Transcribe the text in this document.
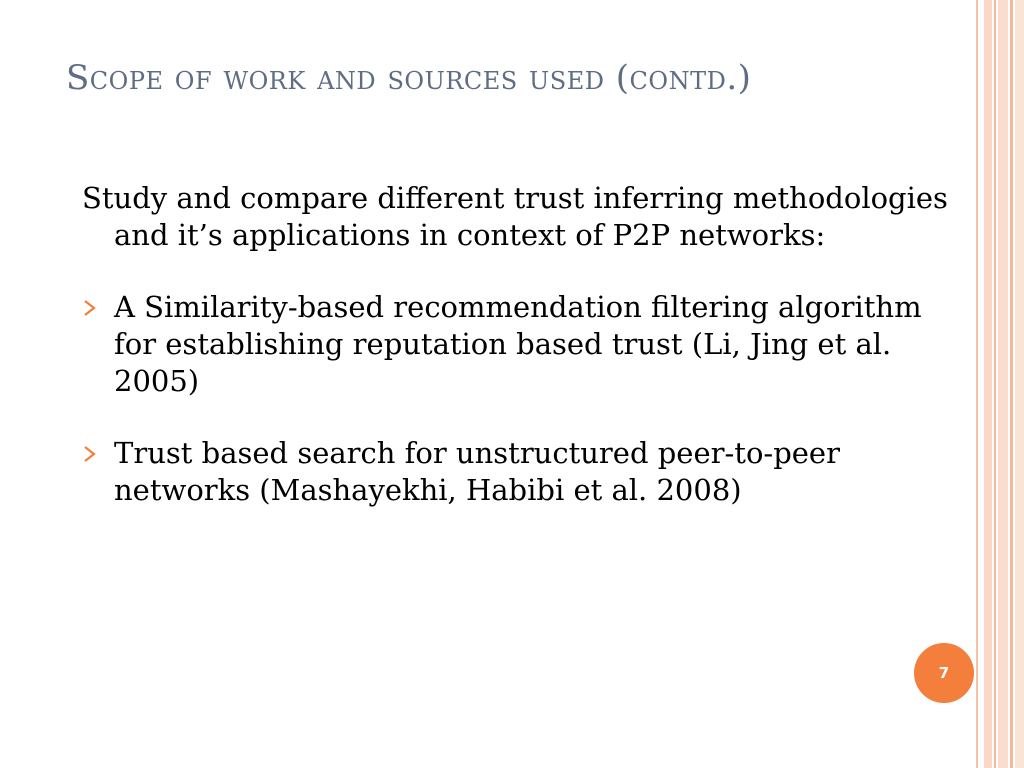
Scope of work and sources used (contd.)

Study and compare different trust inferring methodologies and it’s applications in context of P2P networks:

A Similarity-based recommendation filtering algorithm for establishing reputation based trust (Li, Jing et al. 2005)
Trust based search for unstructured peer-to-peer networks (Mashayekhi, Habibi et al. 2008)
7
